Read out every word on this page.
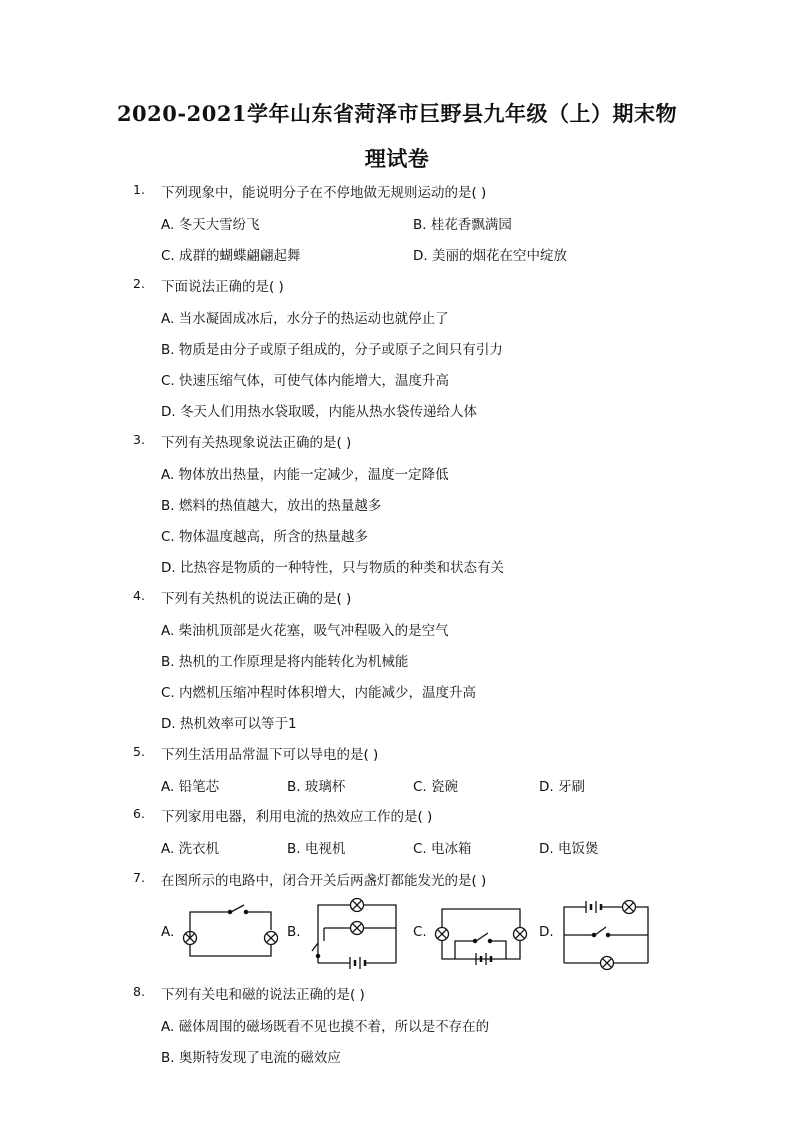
2020-2021学年山东省菏泽市巨野县九年级（上）期末物
理试卷
1. 下列现象中，能说明分子在不停地做无规则运动的是( )
A. 冬天大雪纷飞	B. 桂花香飘满园
C. 成群的蝴蝶翩翩起舞	D. 美丽的烟花在空中绽放
2. 下面说法正确的是( )
A. 当水凝固成冰后，水分子的热运动也就停止了
B. 物质是由分子或原子组成的，分子或原子之间只有引力
C. 快速压缩气体，可使气体内能增大，温度升高
D. 冬天人们用热水袋取暖，内能从热水袋传递给人体
3. 下列有关热现象说法正确的是( )
A. 物体放出热量，内能一定减少，温度一定降低
B. 燃料的热值越大，放出的热量越多
C. 物体温度越高，所含的热量越多
D. 比热容是物质的一种特性，只与物质的种类和状态有关
4. 下列有关热机的说法正确的是( )
A. 柴油机顶部是火花塞，吸气冲程吸入的是空气
B. 热机的工作原理是将内能转化为机械能
C. 内燃机压缩冲程时体积增大，内能减少，温度升高
D. 热机效率可以等于1
5. 下列生活用品常温下可以导电的是( )
A. 铅笔芯	B. 玻璃杯	C. 瓷碗	D. 牙刷
6. 下列家用电器，利用电流的热效应工作的是( )
A. 洗衣机	B. 电视机	C. 电冰箱	D. 电饭煲
7. 在图所示的电路中，闭合开关后两盏灯都能发光的是( )
A.	B.	C.	D.
8. 下列有关电和磁的说法正确的是( )
A. 磁体周围的磁场既看不见也摸不着，所以是不存在的
B. 奥斯特发现了电流的磁效应
